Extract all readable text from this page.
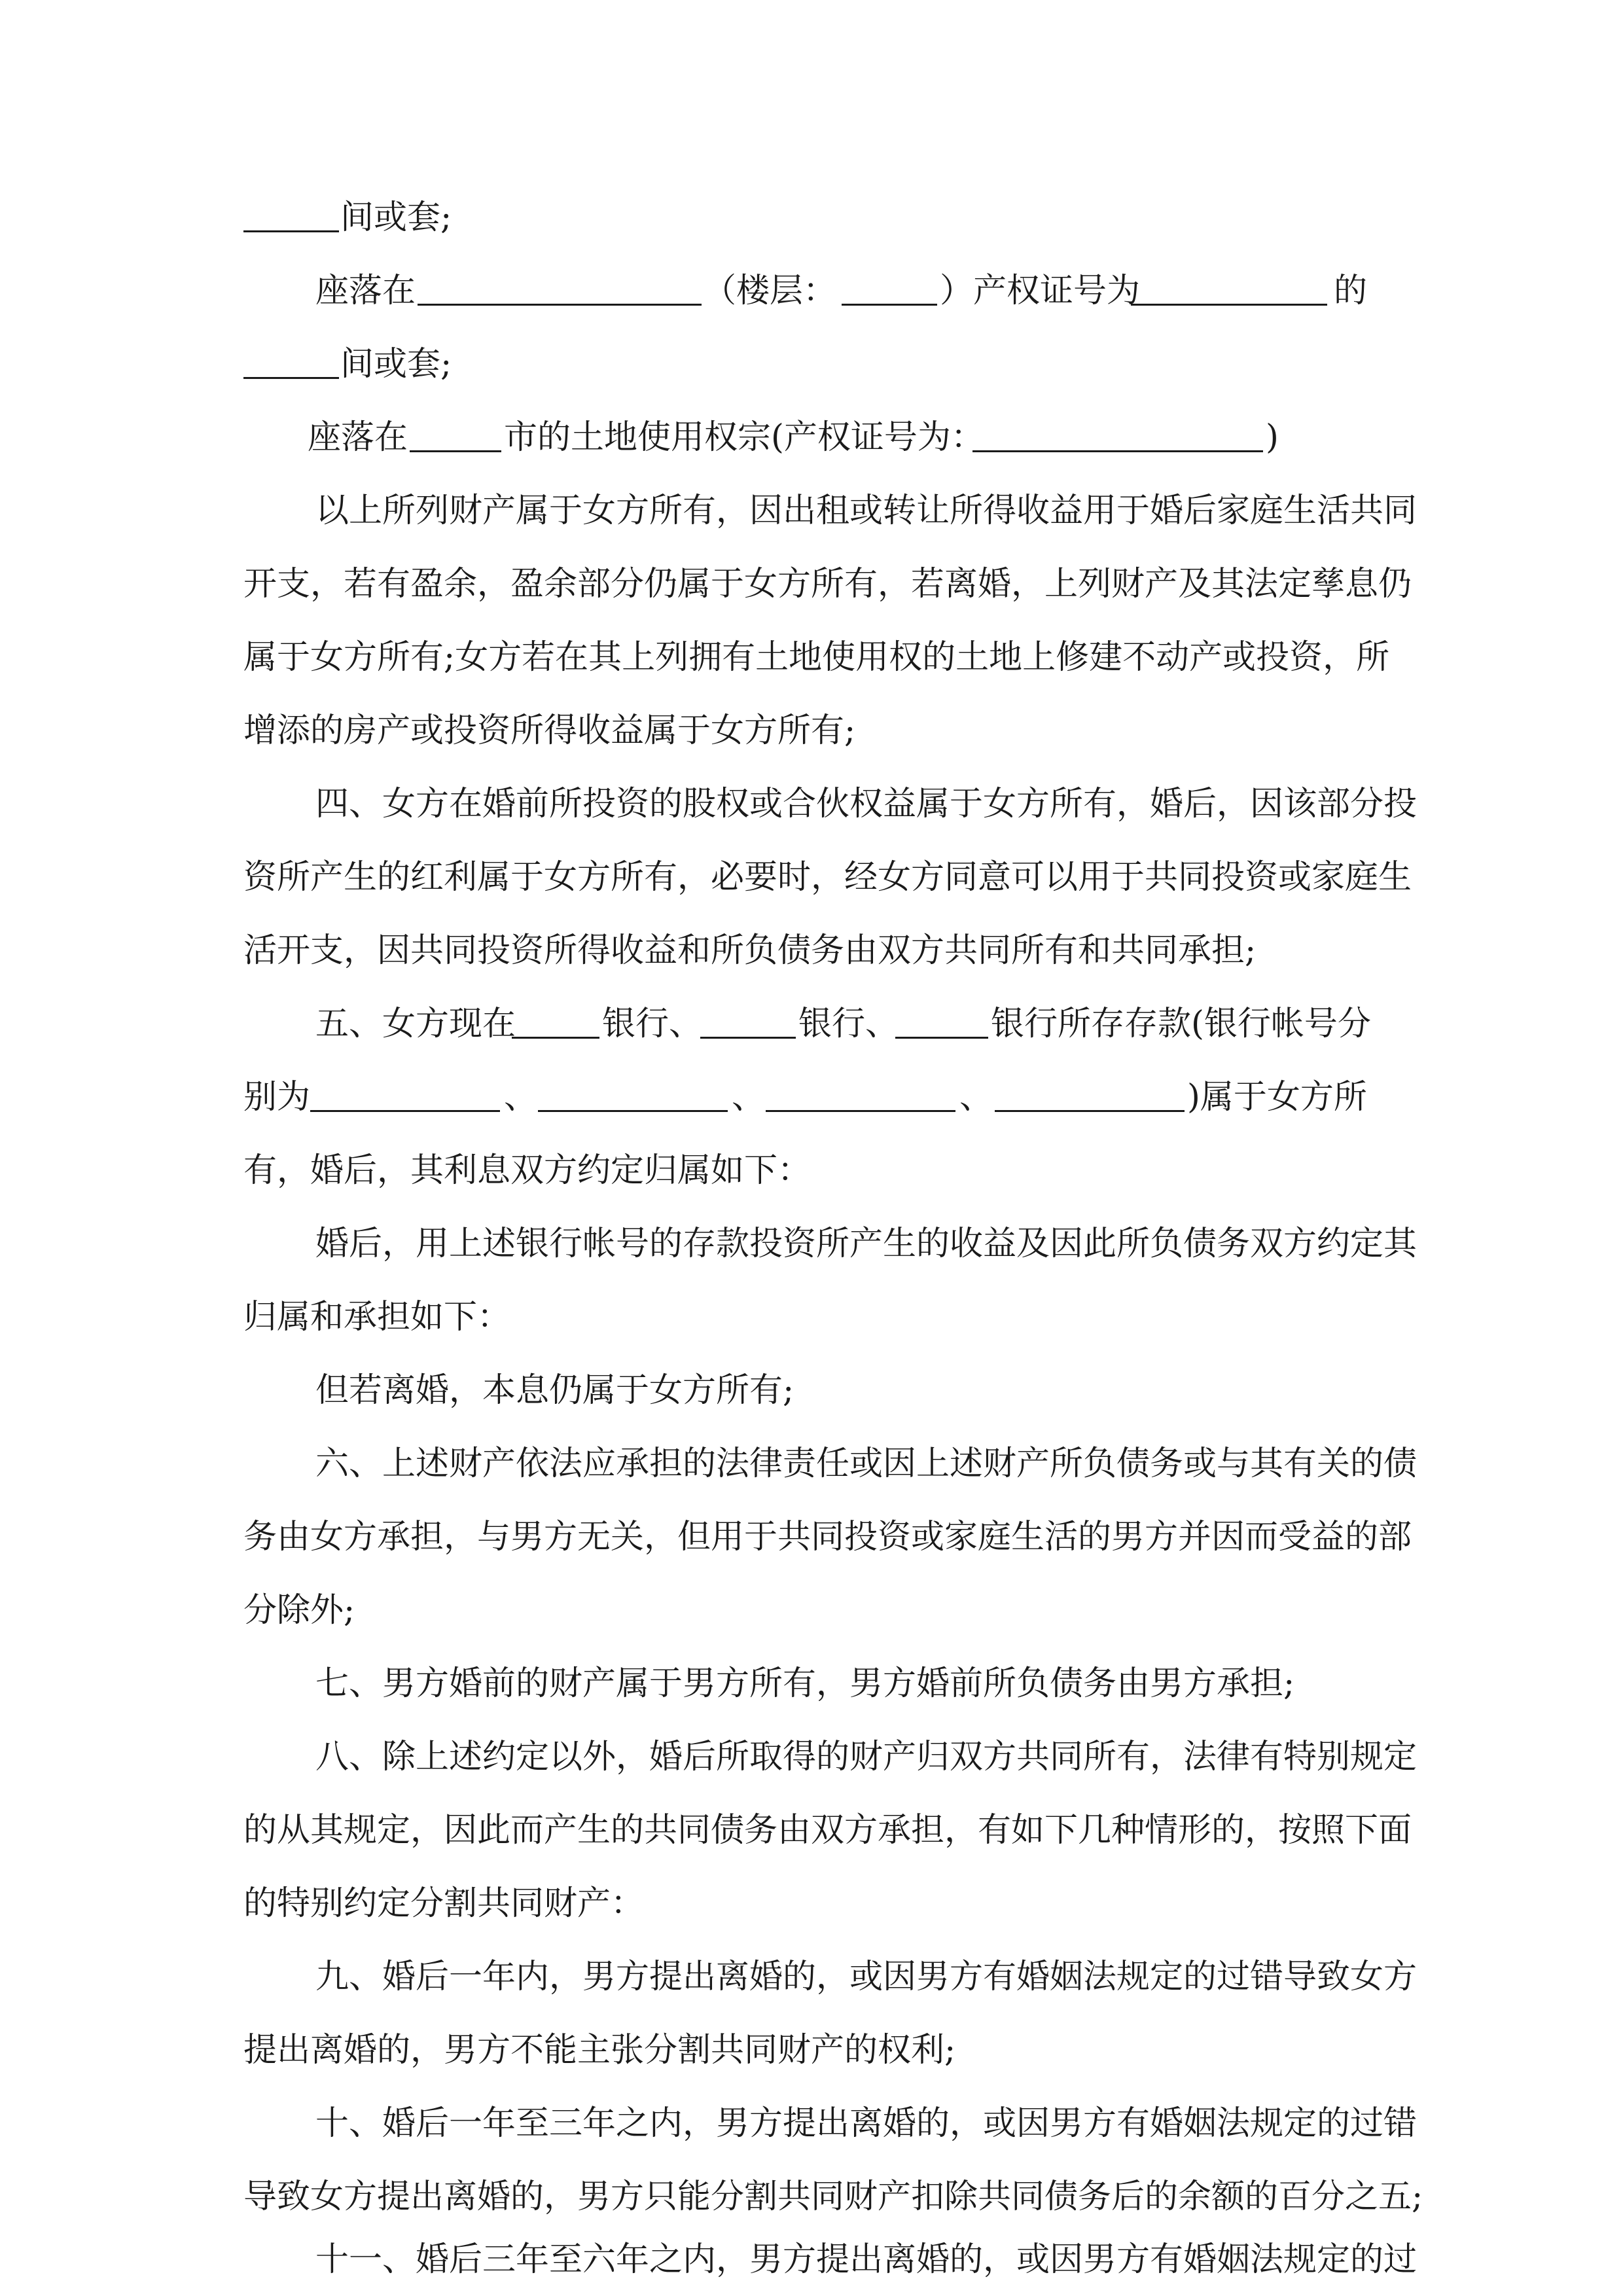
间或套;
座落在	（楼层：	）产权证号为	的
间或套;
座落在	市的土地使用权宗(产权证号为：	)
以上所列财产属于女方所有，因出租或转让所得收益用于婚后家庭生活共同
开支，若有盈余，盈余部分仍属于女方所有，若离婚，上列财产及其法定孳息仍
属于女方所有;女方若在其上列拥有土地使用权的土地上修建不动产或投资，所
增添的房产或投资所得收益属于女方所有;
四、女方在婚前所投资的股权或合伙权益属于女方所有，婚后，因该部分投
资所产生的红利属于女方所有，必要时，经女方同意可以用于共同投资或家庭生
活开支，因共同投资所得收益和所负债务由双方共同所有和共同承担;
五、女方现在	银行、	银行、	银行所存存款(银行帐号分
别为	、	、	、	)属于女方所
有，婚后，其利息双方约定归属如下：
婚后，用上述银行帐号的存款投资所产生的收益及因此所负债务双方约定其
归属和承担如下：
但若离婚，本息仍属于女方所有;
六、上述财产依法应承担的法律责任或因上述财产所负债务或与其有关的债
务由女方承担，与男方无关，但用于共同投资或家庭生活的男方并因而受益的部
分除外;
七、男方婚前的财产属于男方所有，男方婚前所负债务由男方承担;
八、除上述约定以外，婚后所取得的财产归双方共同所有，法律有特别规定
的从其规定，因此而产生的共同债务由双方承担，有如下几种情形的，按照下面
的特别约定分割共同财产：
九、婚后一年内，男方提出离婚的，或因男方有婚姻法规定的过错导致女方
提出离婚的，男方不能主张分割共同财产的权利;
十、婚后一年至三年之内，男方提出离婚的，或因男方有婚姻法规定的过错
导致女方提出离婚的，男方只能分割共同财产扣除共同债务后的余额的百分之五;
十一、婚后三年至六年之内，男方提出离婚的，或因男方有婚姻法规定的过
